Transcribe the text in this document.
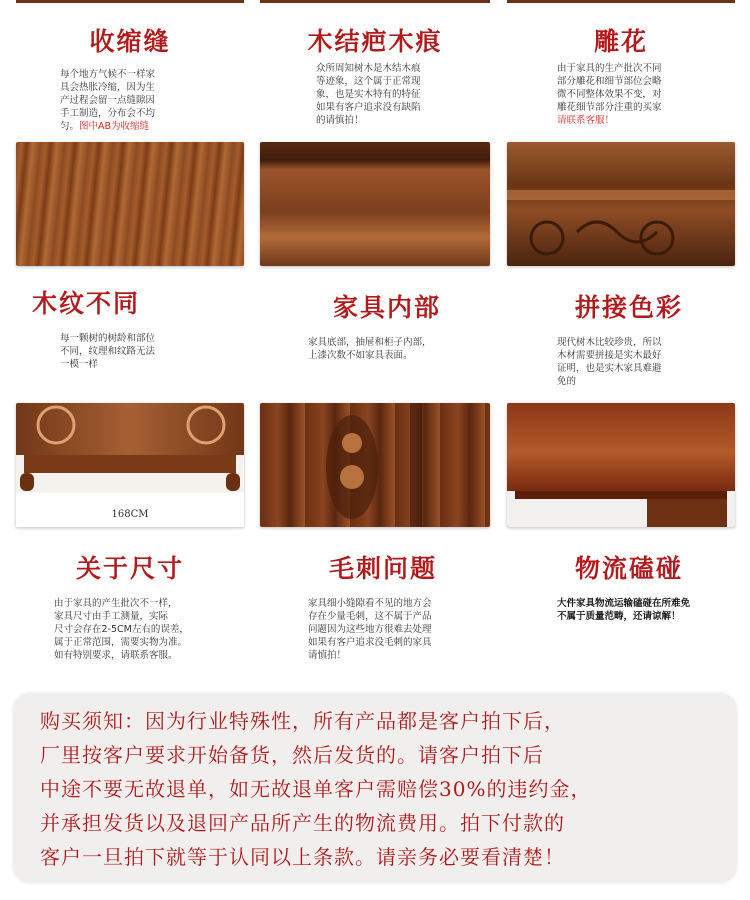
收缩缝
每个地方气候不一样家
具会热胀冷缩，因为生
产过程会留一点缝隙因
手工制造，分布会不均
匀。图中AB为收缩缝
木结疤木痕
众所周知树木是木结木痕
等迹象，这个属于正常现
象，也是实木特有的特征
如果有客户追求没有缺陷
的请慎拍！
雕花
由于家具的生产批次不同
部分雕花和细节部位会略
微不同整体效果不变，对
雕花细节部分注重的买家
请联系客服！
木纹不同
每一颗树的树龄和部位
不同，纹理和纹路无法
一模一样
家具内部
家具底部，抽屉和柜子内部，
上漆次数不如家具表面。
拼接色彩
现代树木比较珍贵，所以
木材需要拼接是实木最好
证明，也是实木家具难避
免的
168CM
关于尺寸
由于家具的产生批次不一样，
家具尺寸由手工测量，实际
尺寸会存在2-5CM左右的误差，
属于正常范围，需要实物为准。
如有特别要求，请联系客服。
毛刺问题
家具细小缝隙看不见的地方会
存在少量毛刺，这不属于产品
问题因为这些地方很难去处理
如果有客户追求没毛刺的家具
请慎拍！
物流磕碰
大件家具物流运输磕碰在所难免
不属于质量范畴，还请谅解！
购买须知：因为行业特殊性，所有产品都是客户拍下后，
厂里按客户要求开始备货，然后发货的。请客户拍下后
中途不要无故退单，如无故退单客户需赔偿30%的违约金，
并承担发货以及退回产品所产生的物流费用。拍下付款的
客户一旦拍下就等于认同以上条款。请亲务必要看清楚！
